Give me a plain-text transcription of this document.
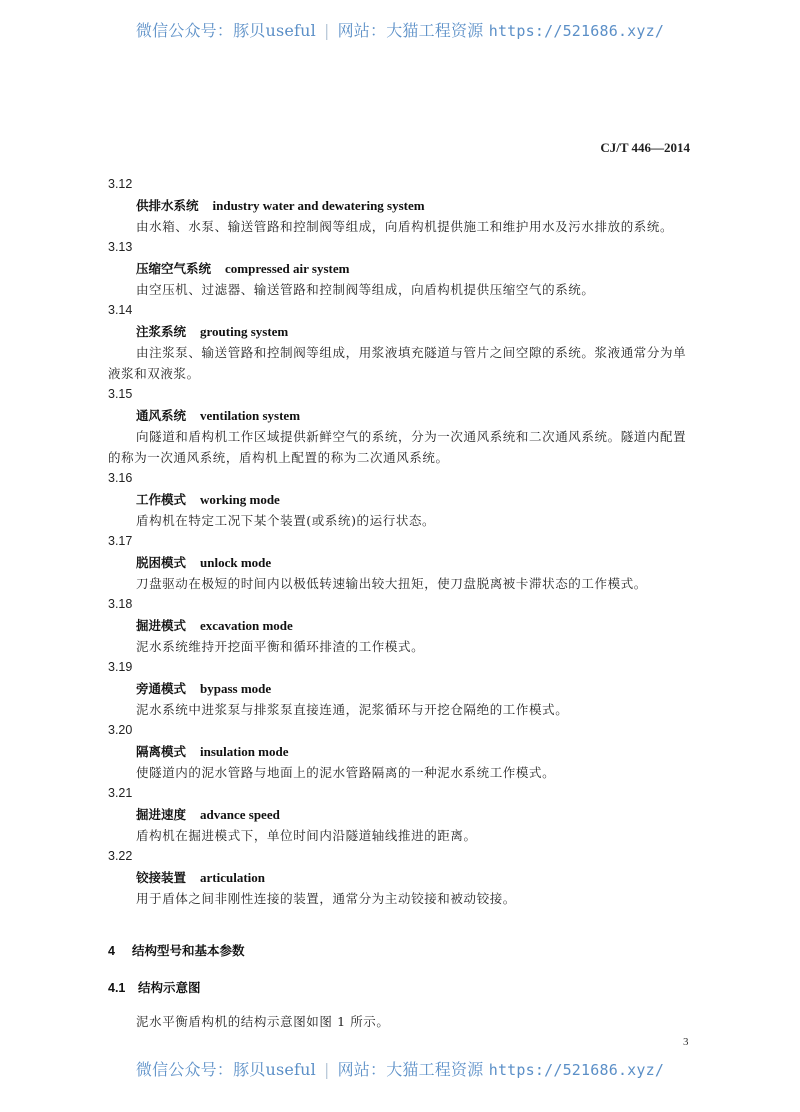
微信公众号：豚贝useful | 网站：大猫工程资源 https://521686.xyz/
CJ/T 446—2014
3.12
供排水系统 industry water and dewatering system

由水箱、水泵、输送管路和控制阀等组成，向盾构机提供施工和维护用水及污水排放的系统。

3.13
压缩空气系统 compressed air system

由空压机、过滤器、输送管路和控制阀等组成，向盾构机提供压缩空气的系统。

3.14
注浆系统 grouting system

由注浆泵、输送管路和控制阀等组成，用浆液填充隧道与管片之间空隙的系统。浆液通常分为单液浆和双液浆。

3.15
通风系统 ventilation system

向隧道和盾构机工作区域提供新鲜空气的系统，分为一次通风系统和二次通风系统。隧道内配置的称为一次通风系统，盾构机上配置的称为二次通风系统。

3.16
工作模式 working mode

盾构机在特定工况下某个装置(或系统)的运行状态。

3.17
脱困模式 unlock mode

刀盘驱动在极短的时间内以极低转速输出较大扭矩，使刀盘脱离被卡滞状态的工作模式。

3.18
掘进模式 excavation mode

泥水系统维持开挖面平衡和循环排渣的工作模式。

3.19
旁通模式 bypass mode

泥水系统中进浆泵与排浆泵直接连通，泥浆循环与开挖仓隔绝的工作模式。

3.20
隔离模式 insulation mode

使隧道内的泥水管路与地面上的泥水管路隔离的一种泥水系统工作模式。

3.21
掘进速度 advance speed

盾构机在掘进模式下，单位时间内沿隧道轴线推进的距离。

3.22
铰接装置 articulation

用于盾体之间非刚性连接的装置，通常分为主动铰接和被动铰接。

4 结构型号和基本参数
4.1 结构示意图
泥水平衡盾构机的结构示意图如图 1 所示。
3
微信公众号：豚贝useful | 网站：大猫工程资源 https://521686.xyz/
